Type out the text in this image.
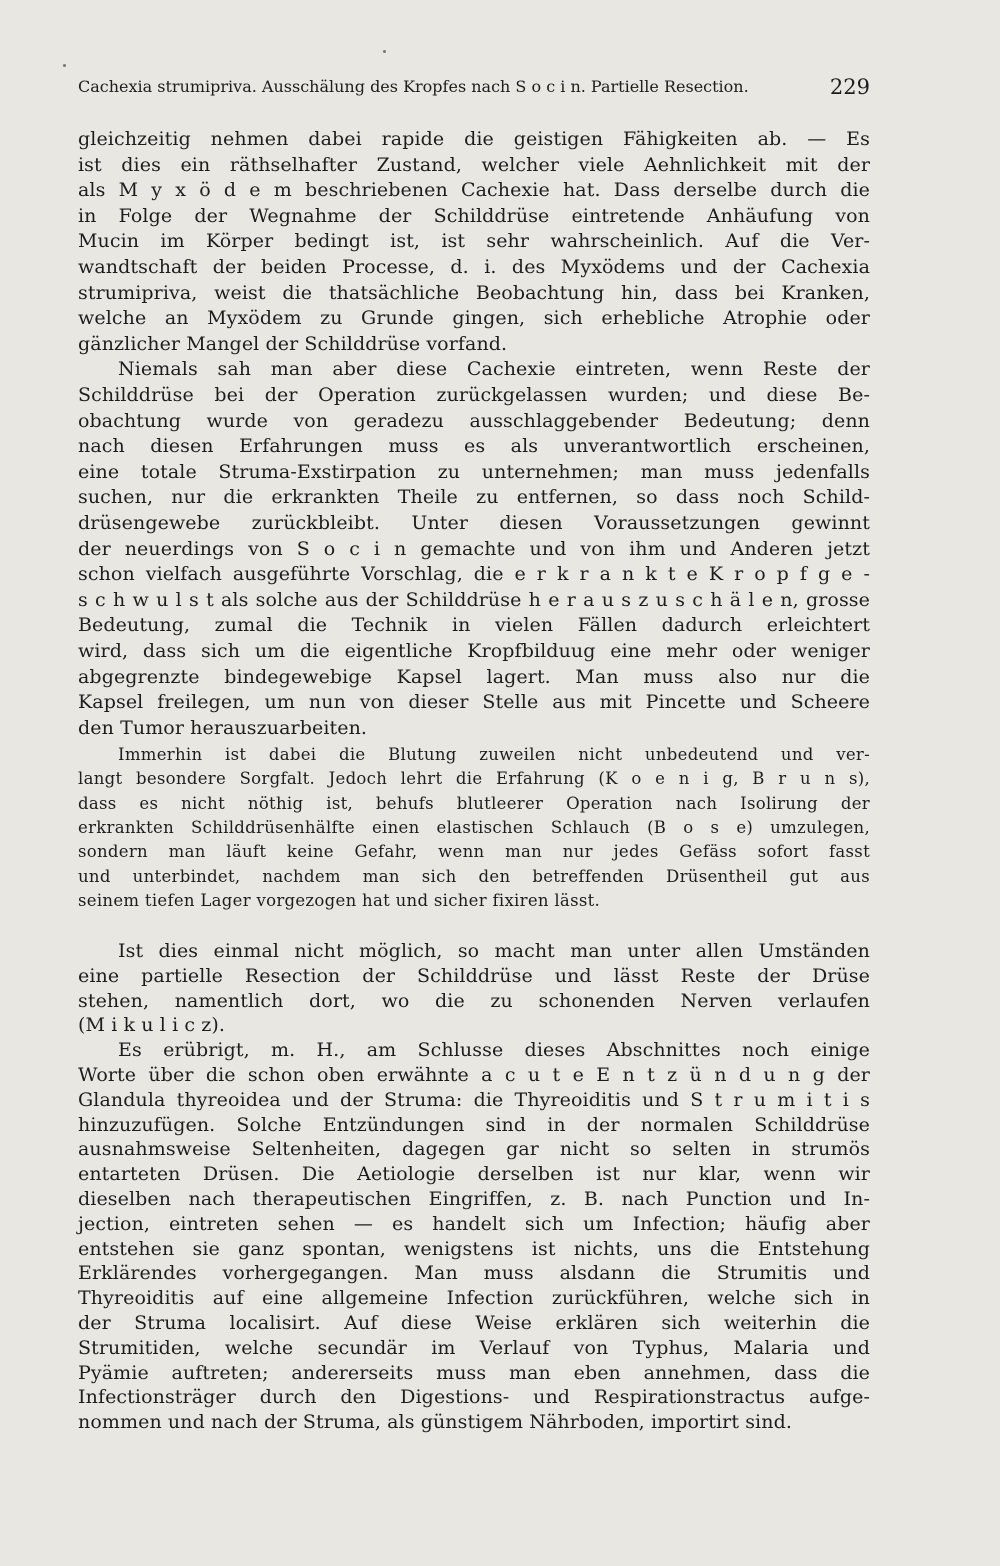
Cachexia strumipriva. Ausschälung des Kropfes nach S o c i n. Partielle Resection.	229
gleichzeitig nehmen dabei rapide die geistigen Fähigkeiten ab. — Es
ist dies ein räthselhafter Zustand, welcher viele Aehnlichkeit mit der
als M y x ö d e m beschriebenen Cachexie hat. Dass derselbe durch die
in Folge der Wegnahme der Schilddrüse eintretende Anhäufung von
Mucin im Körper bedingt ist, ist sehr wahrscheinlich. Auf die Ver-
wandtschaft der beiden Processe, d. i. des Myxödems und der Cachexia
strumipriva, weist die thatsächliche Beobachtung hin, dass bei Kranken,
welche an Myxödem zu Grunde gingen, sich erhebliche Atrophie oder
gänzlicher Mangel der Schilddrüse vorfand.
Niemals sah man aber diese Cachexie eintreten, wenn Reste der
Schilddrüse bei der Operation zurückgelassen wurden; und diese Be-
obachtung wurde von geradezu ausschlaggebender Bedeutung; denn
nach diesen Erfahrungen muss es als unverantwortlich erscheinen,
eine totale Struma-Exstirpation zu unternehmen; man muss jedenfalls
suchen, nur die erkrankten Theile zu entfernen, so dass noch Schild-
drüsengewebe zurückbleibt. Unter diesen Voraussetzungen gewinnt
der neuerdings von S o c i n gemachte und von ihm und Anderen jetzt
schon vielfach ausgeführte Vorschlag, die e r k r a n k t e K r o p f g e -
s c h w u l s t als solche aus der Schilddrüse h e r a u s z u s c h ä l e n, grosse
Bedeutung, zumal die Technik in vielen Fällen dadurch erleichtert
wird, dass sich um die eigentliche Kropfbilduug eine mehr oder weniger
abgegrenzte bindegewebige Kapsel lagert. Man muss also nur die
Kapsel freilegen, um nun von dieser Stelle aus mit Pincette und Scheere
den Tumor herauszuarbeiten.
Immerhin ist dabei die Blutung zuweilen nicht unbedeutend und ver-
langt besondere Sorgfalt. Jedoch lehrt die Erfahrung (K o e n i g, B r u n s),
dass es nicht nöthig ist, behufs blutleerer Operation nach Isolirung der
erkrankten Schilddrüsenhälfte einen elastischen Schlauch (B o s e) umzulegen,
sondern man läuft keine Gefahr, wenn man nur jedes Gefäss sofort fasst
und unterbindet, nachdem man sich den betreffenden Drüsentheil gut aus
seinem tiefen Lager vorgezogen hat und sicher fixiren lässt.
Ist dies einmal nicht möglich, so macht man unter allen Umständen
eine partielle Resection der Schilddrüse und lässt Reste der Drüse
stehen, namentlich dort, wo die zu schonenden Nerven verlaufen
(M i k u l i c z).
Es erübrigt, m. H., am Schlusse dieses Abschnittes noch einige
Worte über die schon oben erwähnte a c u t e E n t z ü n d u n g der
Glandula thyreoidea und der Struma: die Thyreoiditis und S t r u m i t i s
hinzuzufügen. Solche Entzündungen sind in der normalen Schilddrüse
ausnahmsweise Seltenheiten, dagegen gar nicht so selten in strumös
entarteten Drüsen. Die Aetiologie derselben ist nur klar, wenn wir
dieselben nach therapeutischen Eingriffen, z. B. nach Punction und In-
jection, eintreten sehen — es handelt sich um Infection; häufig aber
entstehen sie ganz spontan, wenigstens ist nichts, uns die Entstehung
Erklärendes vorhergegangen. Man muss alsdann die Strumitis und
Thyreoiditis auf eine allgemeine Infection zurückführen, welche sich in
der Struma localisirt. Auf diese Weise erklären sich weiterhin die
Strumitiden, welche secundär im Verlauf von Typhus, Malaria und
Pyämie auftreten; andererseits muss man eben annehmen, dass die
Infectionsträger durch den Digestions- und Respirationstractus aufge-
nommen und nach der Struma, als günstigem Nährboden, importirt sind.
